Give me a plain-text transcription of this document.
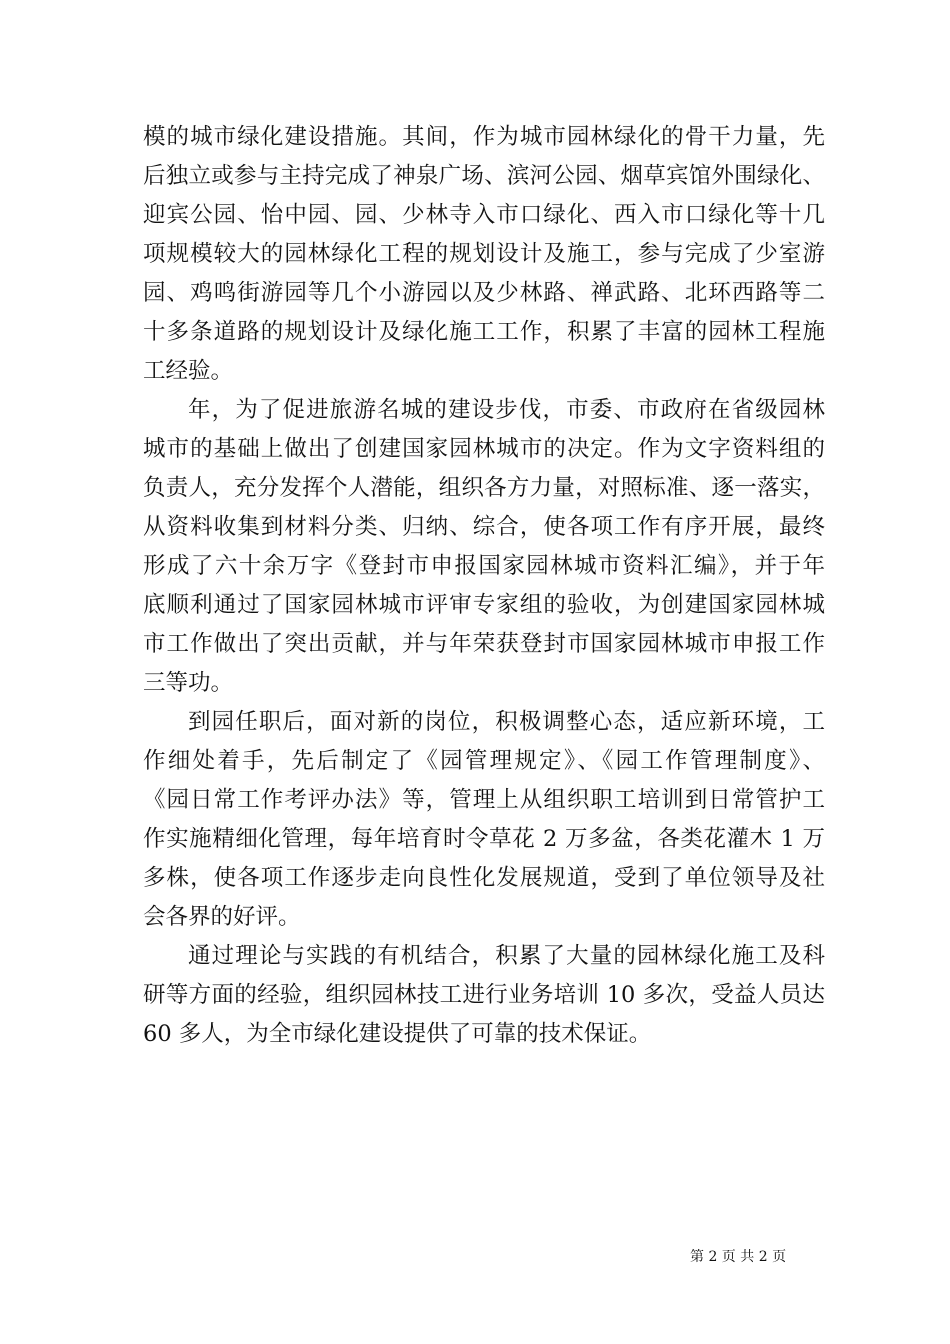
模的城市绿化建设措施。其间，作为城市园林绿化的骨干力量，先
后独立或参与主持完成了神泉广场、滨河公园、烟草宾馆外围绿化、
迎宾公园、怡中园、园、少林寺入市口绿化、西入市口绿化等十几
项规模较大的园林绿化工程的规划设计及施工，参与完成了少室游
园、鸡鸣街游园等几个小游园以及少林路、禅武路、北环西路等二
十多条道路的规划设计及绿化施工工作，积累了丰富的园林工程施
工经验。
年，为了促进旅游名城的建设步伐，市委、市政府在省级园林
城市的基础上做出了创建国家园林城市的决定。作为文字资料组的
负责人，充分发挥个人潜能，组织各方力量，对照标准、逐一落实，
从资料收集到材料分类、归纳、综合，使各项工作有序开展，最终
形成了六十余万字《登封市申报国家园林城市资料汇编》，并于年
底顺利通过了国家园林城市评审专家组的验收，为创建国家园林城
市工作做出了突出贡献，并与年荣获登封市国家园林城市申报工作
三等功。
到园任职后，面对新的岗位，积极调整心态，适应新环境，工
作细处着手，先后制定了《园管理规定》、《园工作管理制度》、
《园日常工作考评办法》等，管理上从组织职工培训到日常管护工
作实施精细化管理，每年培育时令草花 2 万多盆，各类花灌木 1 万
多株，使各项工作逐步走向良性化发展规道，受到了单位领导及社
会各界的好评。
通过理论与实践的有机结合，积累了大量的园林绿化施工及科
研等方面的经验，组织园林技工进行业务培训 10 多次，受益人员达
60 多人，为全市绿化建设提供了可靠的技术保证。
第 2 页 共 2 页
